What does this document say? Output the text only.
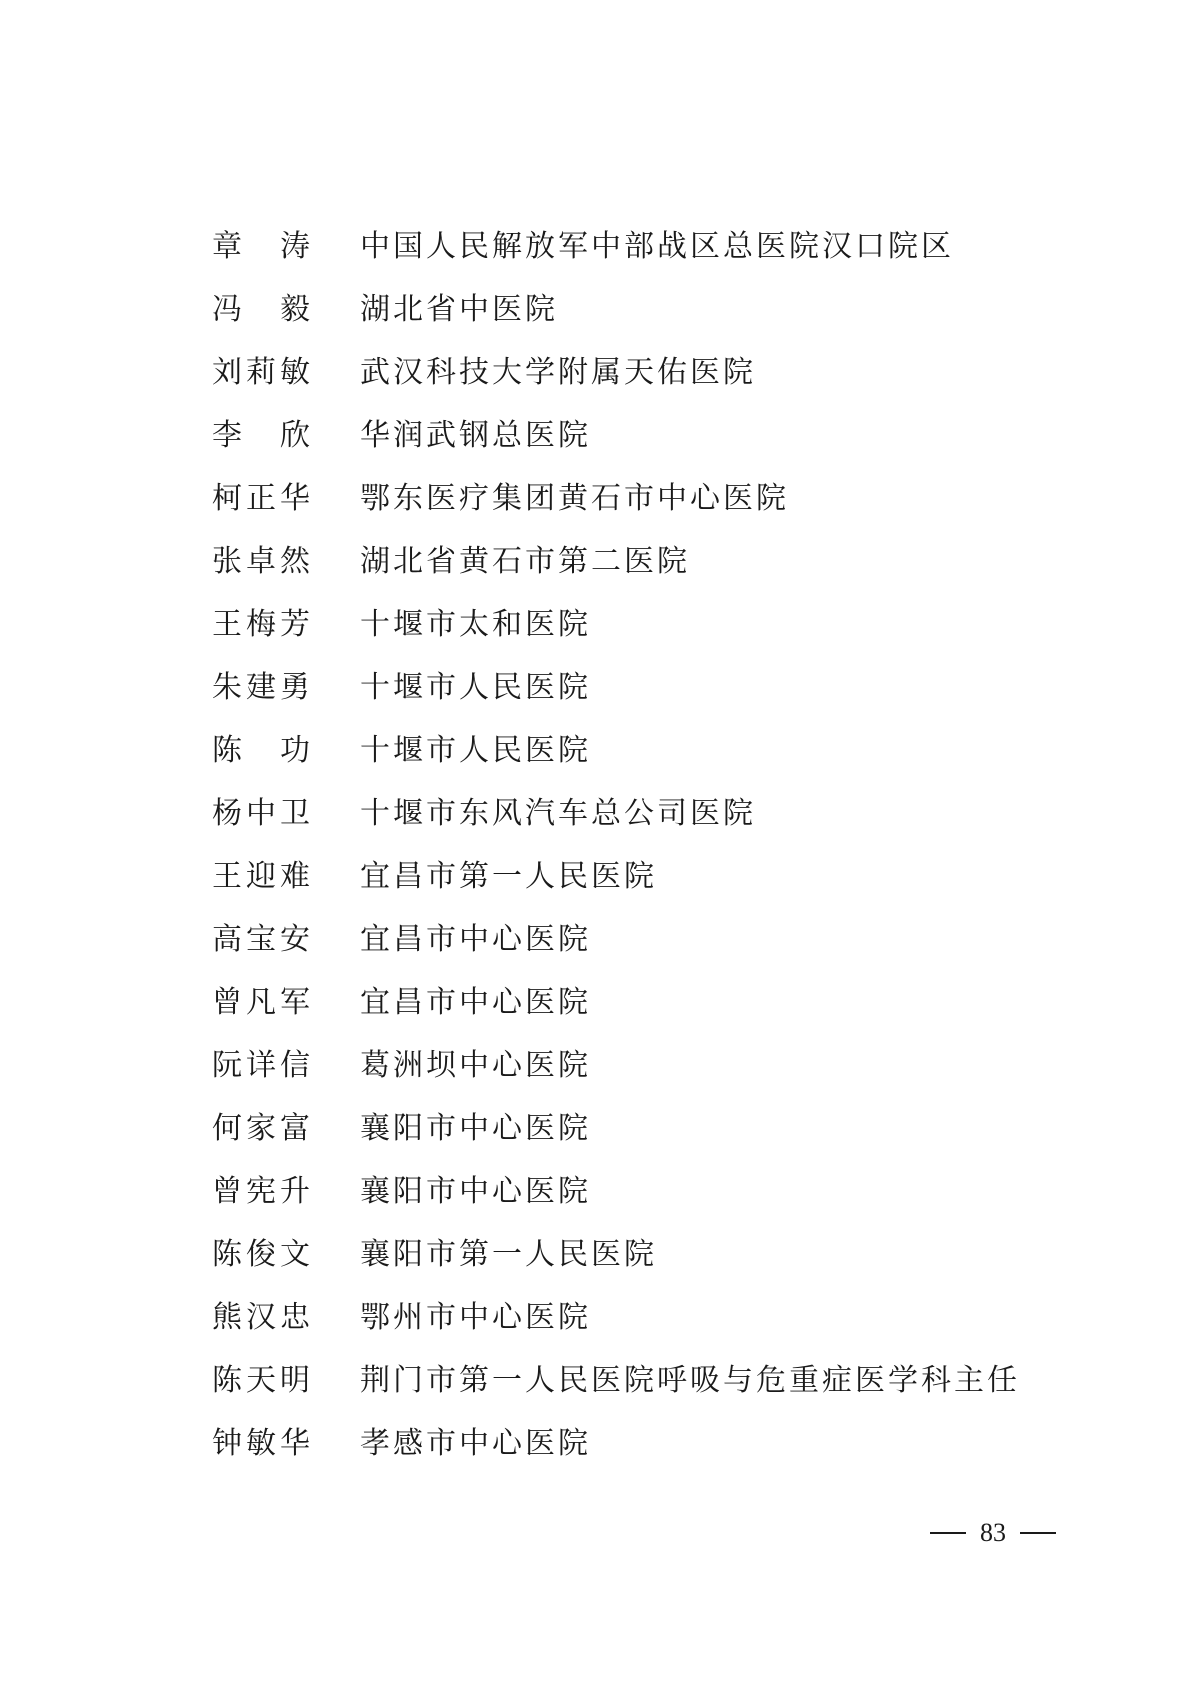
章 涛 中国人民解放军中部战区总医院汉口院区
冯 毅 湖北省中医院
刘 莉 敏 武汉科技大学附属天佑医院
李 欣 华润武钢总医院
柯 正 华 鄂东医疗集团黄石市中心医院
张 卓 然 湖北省黄石市第二医院
王 梅 芳 十堰市太和医院
朱 建 勇 十堰市人民医院
陈 功 十堰市人民医院
杨 中 卫 十堰市东风汽车总公司医院
王 迎 难 宜昌市第一人民医院
高 宝 安 宜昌市中心医院
曾 凡 军 宜昌市中心医院
阮 详 信 葛洲坝中心医院
何 家 富 襄阳市中心医院
曾 宪 升 襄阳市中心医院
陈 俊 文 襄阳市第一人民医院
熊 汉 忠 鄂州市中心医院
陈 天 明 荆门市第一人民医院呼吸与危重症医学科主任
钟 敏 华 孝感市中心医院
83
